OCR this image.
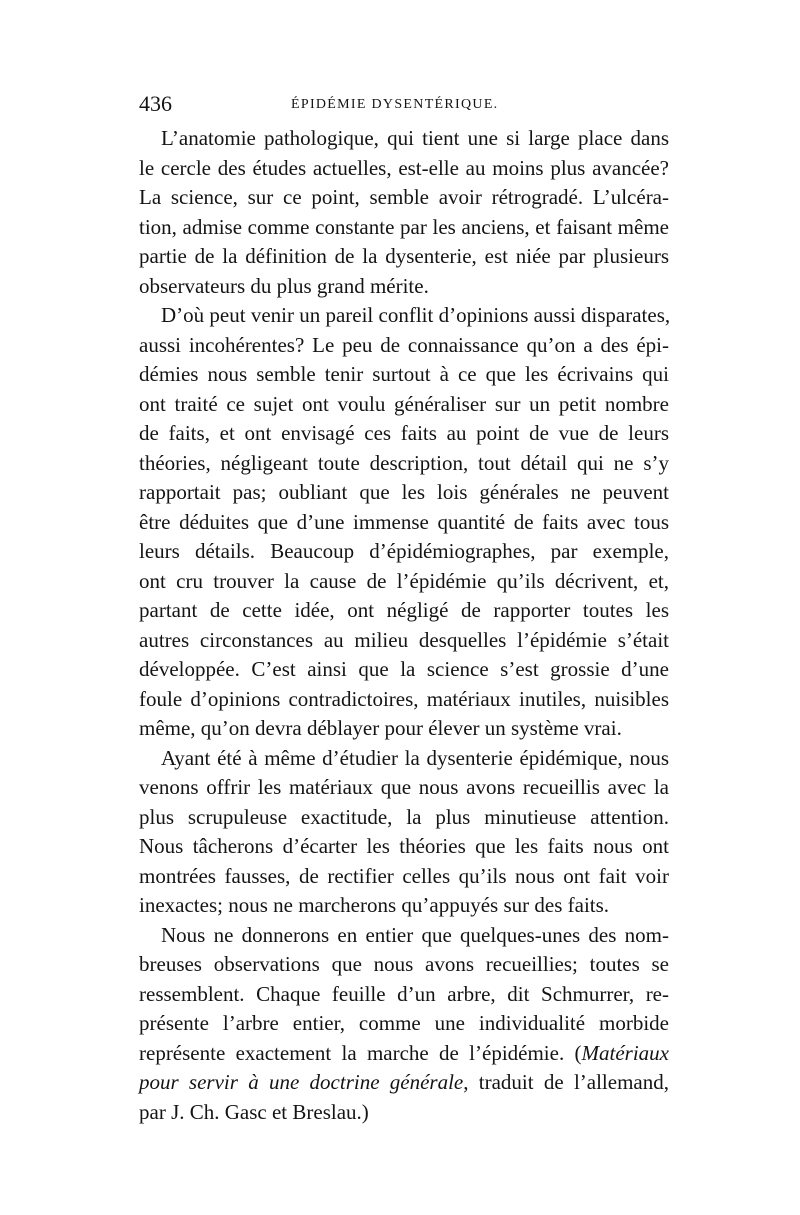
436	ÉPIDÉMIE DYSENTÉRIQUE.

L’anatomie pathologique, qui tient une si large place dans
le cercle des études actuelles, est-elle au moins plus avancée?
La science, sur ce point, semble avoir rétrogradé. L’ulcéra-
tion, admise comme constante par les anciens, et faisant même
partie de la définition de la dysenterie, est niée par plusieurs
observateurs du plus grand mérite.

D’où peut venir un pareil conflit d’opinions aussi disparates,
aussi incohérentes? Le peu de connaissance qu’on a des épi-
démies nous semble tenir surtout à ce que les écrivains qui
ont traité ce sujet ont voulu généraliser sur un petit nombre
de faits, et ont envisagé ces faits au point de vue de leurs
théories, négligeant toute description, tout détail qui ne s’y
rapportait pas; oubliant que les lois générales ne peuvent
être déduites que d’une immense quantité de faits avec tous
leurs détails. Beaucoup d’épidémiographes, par exemple,
ont cru trouver la cause de l’épidémie qu’ils décrivent, et,
partant de cette idée, ont négligé de rapporter toutes les
autres circonstances au milieu desquelles l’épidémie s’était
développée. C’est ainsi que la science s’est grossie d’une
foule d’opinions contradictoires, matériaux inutiles, nuisibles
même, qu’on devra déblayer pour élever un système vrai.

Ayant été à même d’étudier la dysenterie épidémique, nous
venons offrir les matériaux que nous avons recueillis avec la
plus scrupuleuse exactitude, la plus minutieuse attention.
Nous tâcherons d’écarter les théories que les faits nous ont
montrées fausses, de rectifier celles qu’ils nous ont fait voir
inexactes; nous ne marcherons qu’appuyés sur des faits.

Nous ne donnerons en entier que quelques-unes des nom-
breuses observations que nous avons recueillies; toutes se
ressemblent. Chaque feuille d’un arbre, dit Schmurrer, re-
présente l’arbre entier, comme une individualité morbide
représente exactement la marche de l’épidémie. (Matériaux
pour servir à une doctrine générale, traduit de l’allemand,
par J. Ch. Gasc et Breslau.)
